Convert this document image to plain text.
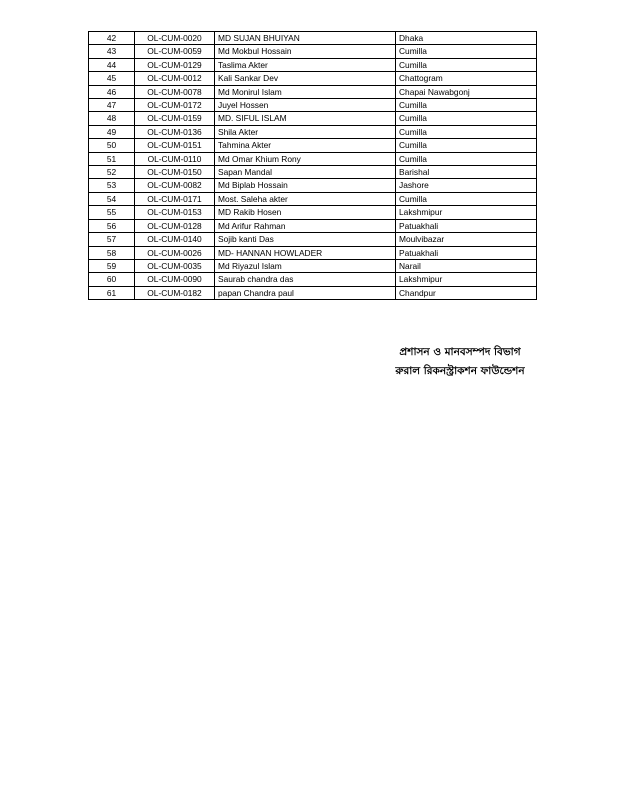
42	OL-CUM-0020	MD SUJAN BHUIYAN	Dhaka
43	OL-CUM-0059	Md Mokbul Hossain	Cumilla
44	OL-CUM-0129	Taslima Akter	Cumilla
45	OL-CUM-0012	Kali Sankar Dev	Chattogram
46	OL-CUM-0078	Md Monirul Islam	Chapai Nawabgonj
47	OL-CUM-0172	Juyel Hossen	Cumilla
48	OL-CUM-0159	MD. SIFUL ISLAM	Cumilla
49	OL-CUM-0136	Shila Akter	Cumilla
50	OL-CUM-0151	Tahmina Akter	Cumilla
51	OL-CUM-0110	Md Omar Khium Rony	Cumilla
52	OL-CUM-0150	Sapan Mandal	Barishal
53	OL-CUM-0082	Md Biplab Hossain	Jashore
54	OL-CUM-0171	Most. Saleha akter	Cumilla
55	OL-CUM-0153	MD Rakib Hosen	Lakshmipur
56	OL-CUM-0128	Md Arifur Rahman	Patuakhali
57	OL-CUM-0140	Sojib kanti Das	Moulvibazar
58	OL-CUM-0026	MD- HANNAN HOWLADER	Patuakhali
59	OL-CUM-0035	Md Riyazul Islam	Narail
60	OL-CUM-0090	Saurab chandra das	Lakshmipur
61	OL-CUM-0182	papan Chandra paul	Chandpur
প্রশাসন ও মানবসম্পদ বিভাগ
রুরাল রিকনস্ট্রাকশন ফাউন্ডেশন
